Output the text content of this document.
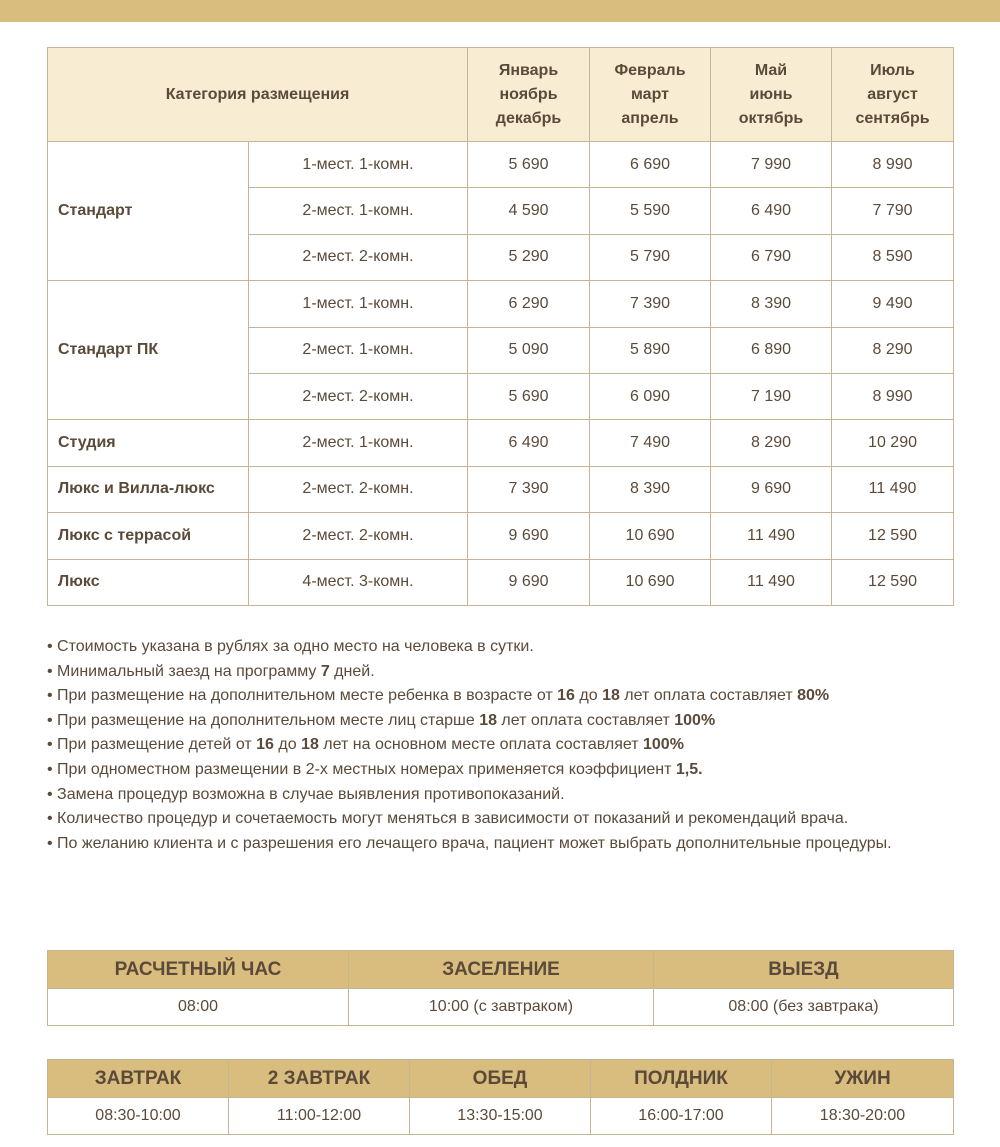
Категория размещения		Январь
ноябрь
декабрь	Февраль
март
апрель	Май
июнь
октябрь	Июль
август
сентябрь

Стандарт	1-мест. 1-комн.	5 690	6 690	7 990	8 990
	2-мест. 1-комн.	4 590	5 590	6 490	7 790
	2-мест. 2-комн.	5 290	5 790	6 790	8 590
Стандарт ПК	1-мест. 1-комн.	6 290	7 390	8 390	9 490
	2-мест. 1-комн.	5 090	5 890	6 890	8 290
	2-мест. 2-комн.	5 690	6 090	7 190	8 990
Студия	2-мест. 1-комн.	6 490	7 490	8 290	10 290
Люкс и Вилла-люкс	2-мест. 2-комн.	7 390	8 390	9 690	11 490
Люкс с террасой	2-мест. 2-комн.	9 690	10 690	11 490	12 590
Люкс	4-мест. 3-комн.	9 690	10 690	11 490	12 590
• Стоимость указана в рублях за одно место на человека в сутки.
• Минимальный заезд на программу 7 дней.
• При размещение на дополнительном месте ребенка в возрасте от 16 до 18 лет оплата составляет 80%
• При размещение на дополнительном месте лиц старше 18 лет оплата составляет 100%
• При размещение детей от 16 до 18 лет на основном месте оплата составляет 100%
• При одноместном размещении в 2-х местных номерах применяется коэффициент 1,5.
• Замена процедур возможна в случае выявления противопоказаний.
• Количество процедур и сочетаемость могут меняться в зависимости от показаний и рекомендаций врача.
• По желанию клиента и с разрешения его лечащего врача, пациент может выбрать дополнительные процедуры.
РАСЧЕТНЫЙ ЧАС	ЗАСЕЛЕНИЕ	ВЫЕЗД
08:00	10:00 (с завтраком)	08:00 (без завтрака)
ЗАВТРАК	2 ЗАВТРАК	ОБЕД	ПОЛДНИК	УЖИН
08:30-10:00	11:00-12:00	13:30-15:00	16:00-17:00	18:30-20:00
